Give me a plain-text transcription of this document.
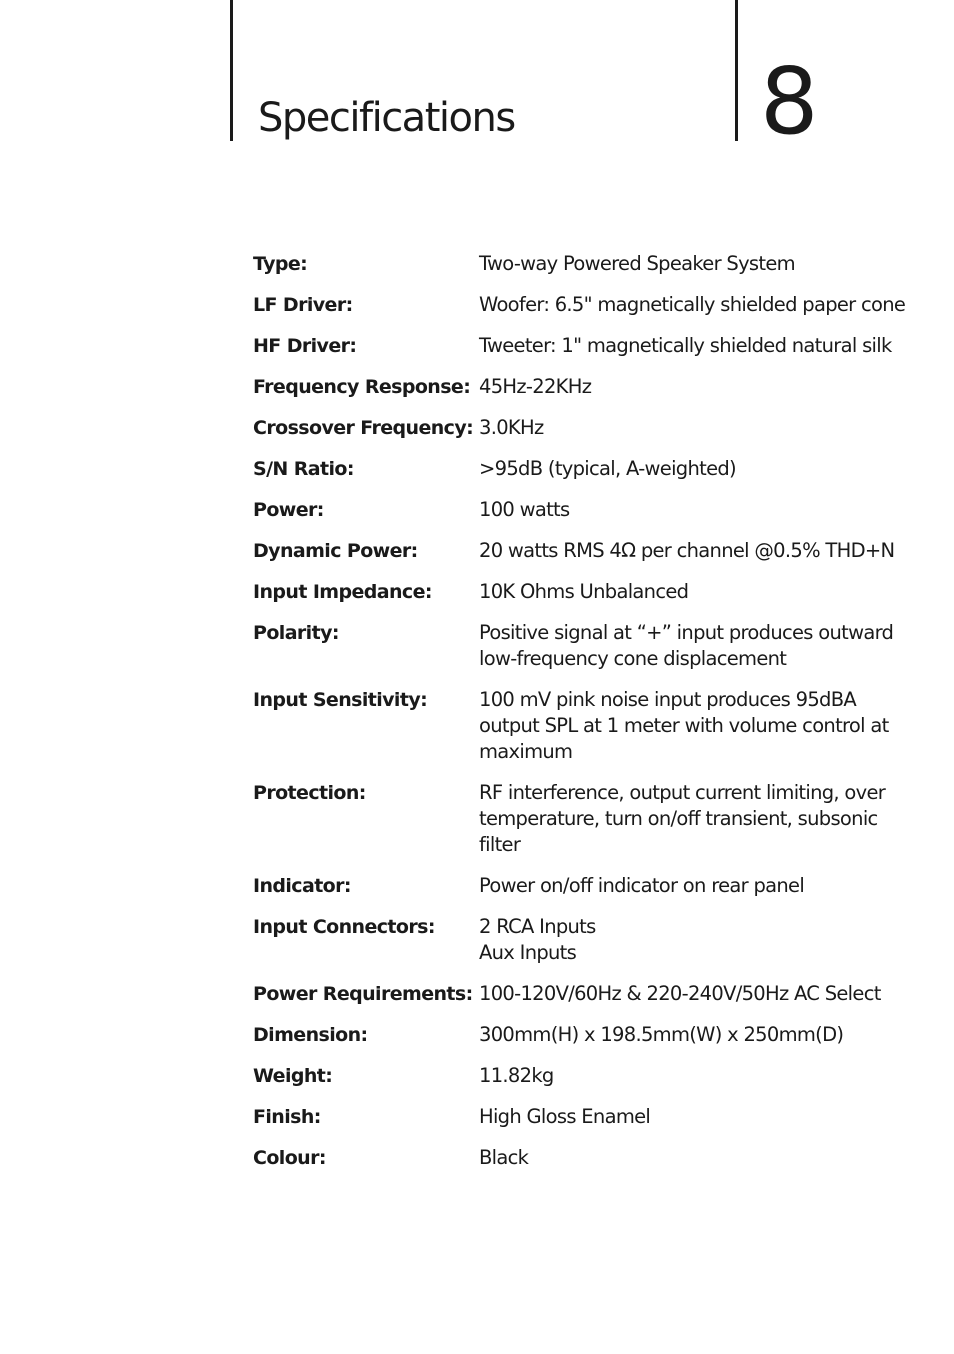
Specifications	8
Type:	Two-way Powered Speaker System
LF Driver:	Woofer: 6.5" magnetically shielded paper cone
HF Driver:	Tweeter: 1" magnetically shielded natural silk
Frequency Response: 45Hz-22KHz
Crossover Frequency: 3.0KHz
S/N Ratio:	>95dB (typical, A-weighted)
Power:	100 watts
Dynamic Power:	20 watts RMS 4Ω per channel @0.5% THD+N
Input Impedance:	10K Ohms Unbalanced
Polarity:	Positive signal at “+” input produces outward
low-frequency cone displacement
Input Sensitivity:	100 mV pink noise input produces 95dBA
output SPL at 1 meter with volume control at
maximum
Protection:	RF interference, output current limiting, over
temperature, turn on/off transient, subsonic
filter
Indicator:	Power on/off indicator on rear panel
Input Connectors:	2 RCA Inputs
Aux Inputs
Power Requirements: 100-120V/60Hz & 220-240V/50Hz AC Select
Dimension:	300mm(H) x 198.5mm(W) x 250mm(D)
Weight:	11.82kg
Finish:	High Gloss Enamel
Colour:	Black
